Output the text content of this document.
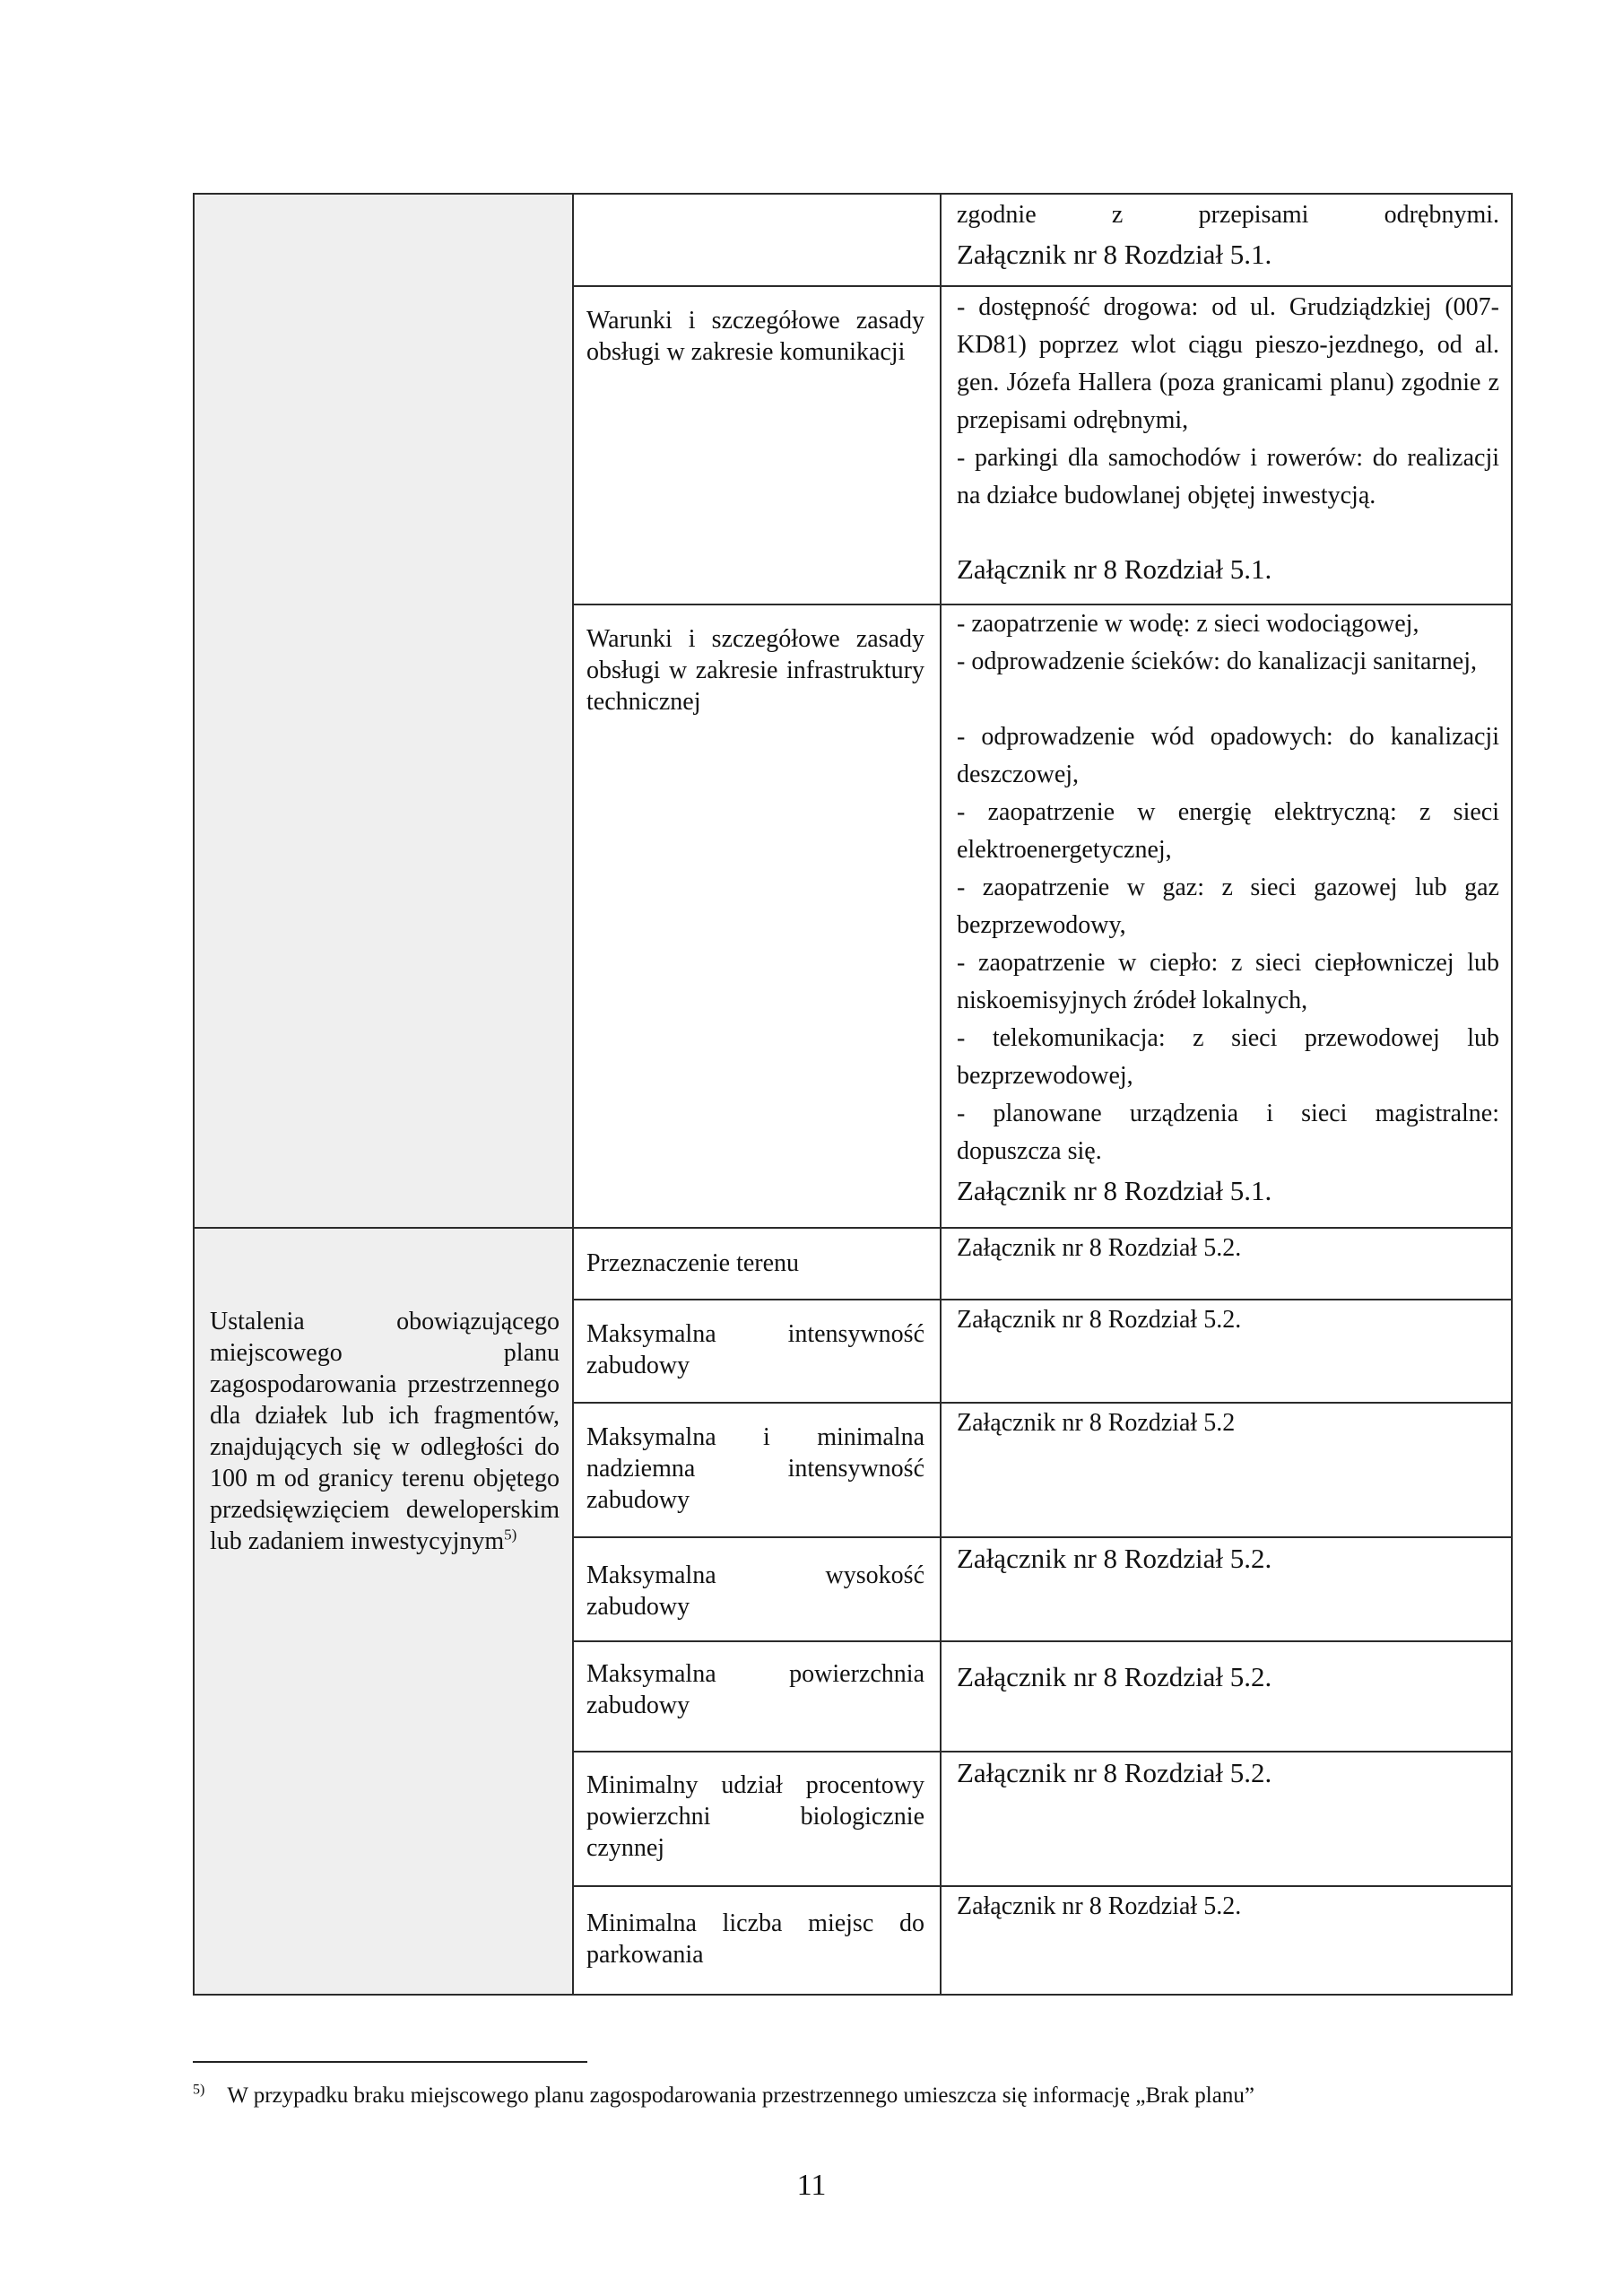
zgodnie z przepisami odrębnymi.
Załącznik nr 8 Rozdział 5.1.
Warunki i szczegółowe zasady obsługi w zakresie komunikacji
- dostępność drogowa: od ul. Grudziądzkiej (007-KD81) poprzez wlot ciągu pieszo-jezdnego, od al. gen. Józefa Hallera (poza granicami planu) zgodnie z przepisami odrębnymi,
- parkingi dla samochodów i rowerów: do realizacji na działce budowlanej objętej inwestycją.
Załącznik nr 8 Rozdział 5.1.
Warunki i szczegółowe zasady obsługi w zakresie infrastruktury technicznej
- zaopatrzenie w wodę: z sieci wodociągowej,
- odprowadzenie ścieków: do kanalizacji sanitarnej,
- odprowadzenie wód opadowych: do kanalizacji deszczowej,
- zaopatrzenie w energię elektryczną: z sieci elektroenergetycznej,
- zaopatrzenie w gaz: z sieci gazowej lub gaz bezprzewodowy,
- zaopatrzenie w ciepło: z sieci ciepłowniczej lub niskoemisyjnych źródeł lokalnych,
- telekomunikacja: z sieci przewodowej lub bezprzewodowej,
- planowane urządzenia i sieci magistralne: dopuszcza się.
Załącznik nr 8 Rozdział 5.1.
Ustalenia obowiązującego miejscowego planu zagospodarowania przestrzennego dla działek lub ich fragmentów, znajdujących się w odległości do 100 m od granicy terenu objętego przedsięwzięciem deweloperskim lub zadaniem inwestycyjnym$^{5)}$
Przeznaczenie terenu
Załącznik nr 8 Rozdział 5.2.
Maksymalna intensywność zabudowy
Załącznik nr 8 Rozdział 5.2.
Maksymalna i minimalna nadziemna intensywność zabudowy
Załącznik nr 8 Rozdział 5.2
Maksymalna wysokość zabudowy
Załącznik nr 8 Rozdział 5.2.
Maksymalna powierzchnia zabudowy
Załącznik nr 8 Rozdział 5.2.
Minimalny udział procentowy powierzchni biologicznie czynnej
Załącznik nr 8 Rozdział 5.2.
Minimalna liczba miejsc do parkowania
Załącznik nr 8 Rozdział 5.2.
$^{5)}$ W przypadku braku miejscowego planu zagospodarowania przestrzennego umieszcza się informację „Brak planu”
11
